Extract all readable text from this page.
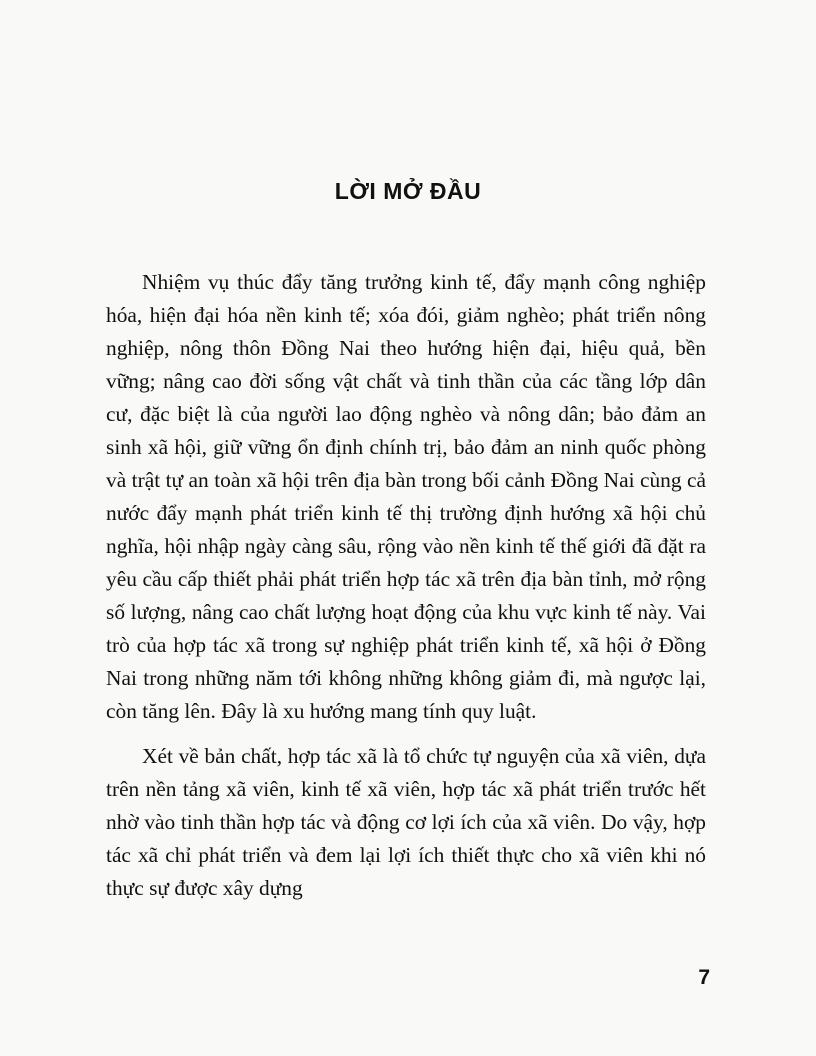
LỜI MỞ ĐẦU

Nhiệm vụ thúc đẩy tăng trưởng kinh tế, đẩy mạnh công nghiệp hóa, hiện đại hóa nền kinh tế; xóa đói, giảm nghèo; phát triển nông nghiệp, nông thôn Đồng Nai theo hướng hiện đại, hiệu quả, bền vững; nâng cao đời sống vật chất và tinh thần của các tầng lớp dân cư, đặc biệt là của người lao động nghèo và nông dân; bảo đảm an sinh xã hội, giữ vững ổn định chính trị, bảo đảm an ninh quốc phòng và trật tự an toàn xã hội trên địa bàn trong bối cảnh Đồng Nai cùng cả nước đẩy mạnh phát triển kinh tế thị trường định hướng xã hội chủ nghĩa, hội nhập ngày càng sâu, rộng vào nền kinh tế thế giới đã đặt ra yêu cầu cấp thiết phải phát triển hợp tác xã trên địa bàn tỉnh, mở rộng số lượng, nâng cao chất lượng hoạt động của khu vực kinh tế này. Vai trò của hợp tác xã trong sự nghiệp phát triển kinh tế, xã hội ở Đồng Nai trong những năm tới không những không giảm đi, mà ngược lại, còn tăng lên. Đây là xu hướng mang tính quy luật.

Xét về bản chất, hợp tác xã là tổ chức tự nguyện của xã viên, dựa trên nền tảng xã viên, kinh tế xã viên, hợp tác xã phát triển trước hết nhờ vào tinh thần hợp tác và động cơ lợi ích của xã viên. Do vậy, hợp tác xã chỉ phát triển và đem lại lợi ích thiết thực cho xã viên khi nó thực sự được xây dựng

7
